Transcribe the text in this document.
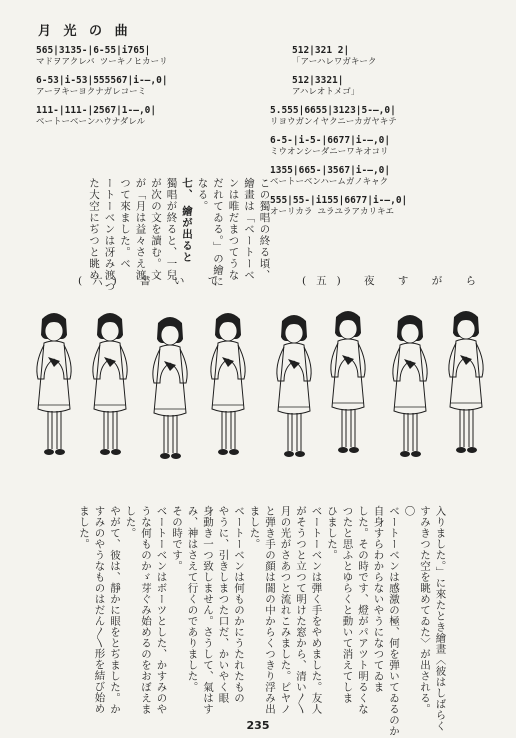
月 光 の 曲

565|3135-|6-55|i765|

マドヲアクレバ ツーキノヒカーリ

6-53|i-53|555567|i-—,0|

アーヲキーヨクナガレコーミ

111-|111-|2567|1-—,0|

ベートーベーンハウナダレル

512|321 2|

「アーハレワガキーク

512|3321|

アハレオトメゴ」

5.555|6655|3123|5-—,0|

リヨウガンイヤクニーカガヤキテ

6-5-|i-5-|6677|i-—,0|

ミウオンシーダニーワキオコリ

1355|665-|3567|i-—,0|

ベートーベンハームガノキャク

555|55-|i155|6677|i-—,0|

オーリカラ ユラユラアカリキエ

この獨唱の終る頃、
繪畫は「ベートーベ
ンは唯だまつてうな
だれてゐる。」の繪に
なる。
七、 繪が出ると
獨唱が終ると、一兒
が次の文を讀む。文
が「月は益々さえ渡
つて來ました。ベ
ートーベンは冴み渡つ
た大空にぢつと眺め

(六) 書 い て	(五) 夜 す が ら

入りました。」に來たとき繪畫〈彼はしばらく
すみきつた空を眺めてゐた〉が出される。
〇
ベートーベンは感激の極、何を弾いてゐるのか
自身すらわからないやうになつてゐま
した。その時です、燈がパアツト明るくな
つたと思ふとゆらくと動いて消えてしま
ひました。
ベートーベンは弾く手をやめました。友人
がそうつと立つて明けた窓から、清い〱
月の光がさあつと流れこみました。ピヤノ
と弾き手の顔は闇の中からくつきり浮み出
ました。
ベートーベンは何ものかにうたれたもの
やうに、引きしまつた口だ、かいやく眼
身動き一つ致しません。さうして、氣はす
み、神はさえて行くのでありました。
その時です。
ベートーベンはボーツとした、かすみのや
うな何ものかゞ芽ぐみ始めるのをおぼえま
した。
やがて、彼は、靜かに眼をとぢました。か
すみのやうなものはだん〱形を結び始め
ました。

235
